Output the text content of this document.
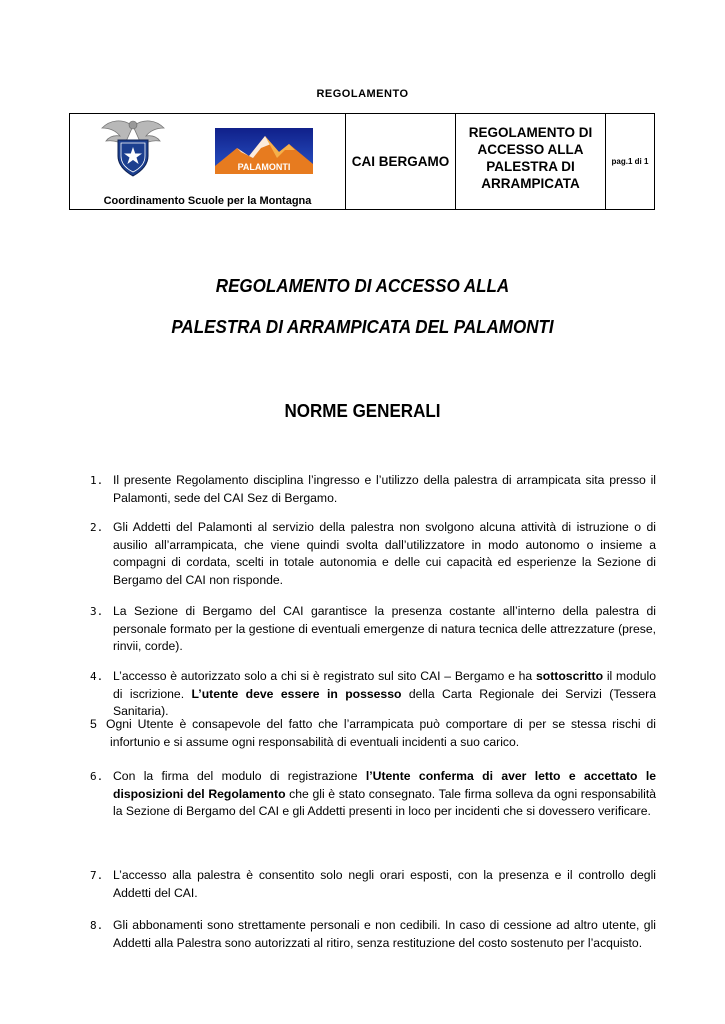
REGOLAMENTO
PALAMONTI
Coordinamento Scuole per la Montagna
CAI BERGAMO
REGOLAMENTO DI
ACCESSO ALLA
PALESTRA DI
ARRAMPICATA
pag.1 di 1
REGOLAMENTO DI ACCESSO ALLA
PALESTRA DI ARRAMPICATA DEL PALAMONTI
NORME GENERALI
1. Il presente Regolamento disciplina l’ingresso e l’utilizzo della palestra di arrampicata sita presso il Palamonti, sede del CAI Sez di Bergamo.
2. Gli Addetti del Palamonti al servizio della palestra non svolgono alcuna attività di istruzione o di ausilio all’arrampicata, che viene quindi svolta dall’utilizzatore in modo autonomo o insieme a compagni di cordata, scelti in totale autonomia e delle cui capacità ed esperienze la Sezione di Bergamo del CAI non risponde.
3. La Sezione di Bergamo del CAI garantisce la presenza costante all’interno della palestra di personale formato per la gestione di eventuali emergenze di natura tecnica delle attrezzature (prese, rinvii, corde).
4. L’accesso è autorizzato solo a chi si è registrato sul sito CAI – Bergamo e ha sottoscritto il modulo di iscrizione. L’utente deve essere in possesso della Carta Regionale dei Servizi (Tessera Sanitaria).
5 Ogni Utente è consapevole del fatto che l’arrampicata può comportare di per se stessa rischi di infortunio e si assume ogni responsabilità di eventuali incidenti a suo carico.
6. Con la firma del modulo di registrazione l’Utente conferma di aver letto e accettato le disposizioni del Regolamento che gli è stato consegnato. Tale firma solleva da ogni responsabilità la Sezione di Bergamo del CAI e gli Addetti presenti in loco per incidenti che si dovessero verificare.
7. L’accesso alla palestra è consentito solo negli orari esposti, con la presenza e il controllo degli Addetti del CAI.
8. Gli abbonamenti sono strettamente personali e non cedibili. In caso di cessione ad altro utente, gli Addetti alla Palestra sono autorizzati al ritiro, senza restituzione del costo sostenuto per l’acquisto.
